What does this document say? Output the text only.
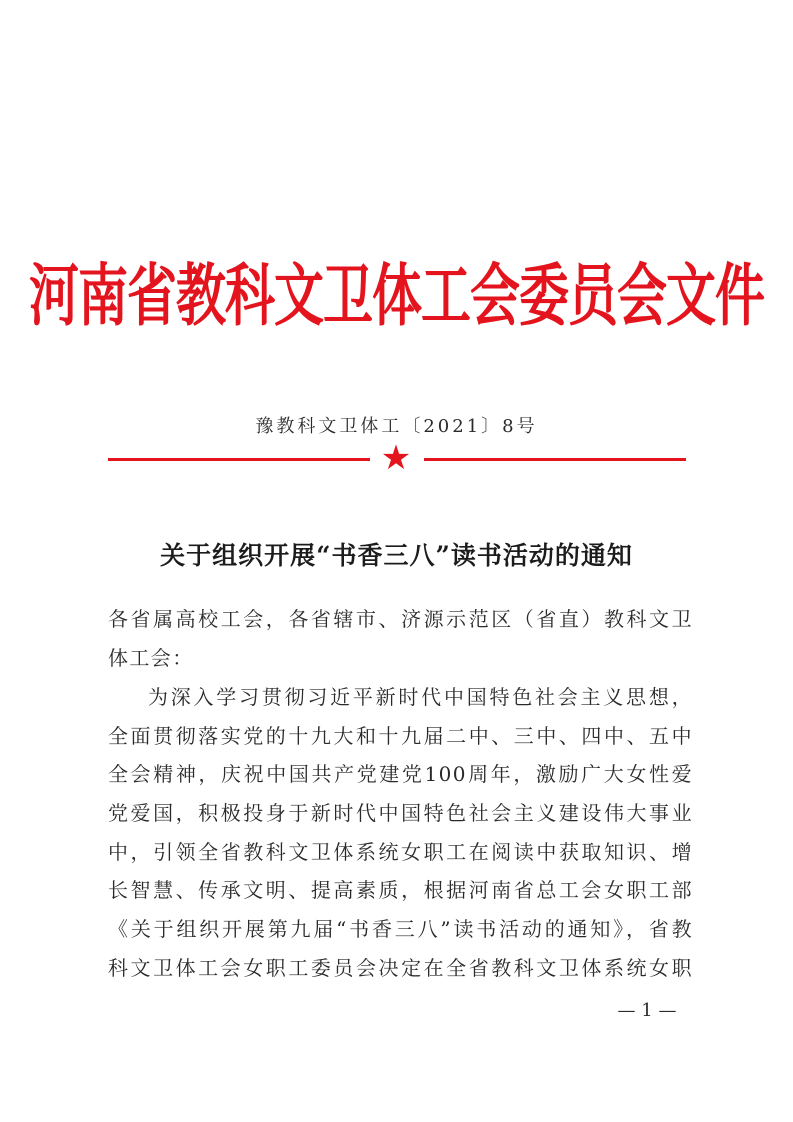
河南省教科文卫体工会委员会文件
豫教科文卫体工〔2021〕8号
★
关于组织开展“书香三八”读书活动的通知
各省属高校工会，各省辖市、济源示范区（省直）教科文卫
体工会：
为深入学习贯彻习近平新时代中国特色社会主义思想，
全面贯彻落实党的十九大和十九届二中、三中、四中、五中
全会精神，庆祝中国共产党建党100周年，激励广大女性爱
党爱国，积极投身于新时代中国特色社会主义建设伟大事业
中，引领全省教科文卫体系统女职工在阅读中获取知识、增
长智慧、传承文明、提高素质，根据河南省总工会女职工部
《关于组织开展第九届“书香三八”读书活动的通知》，省教
科文卫体工会女职工委员会决定在全省教科文卫体系统女职
— 1 —
